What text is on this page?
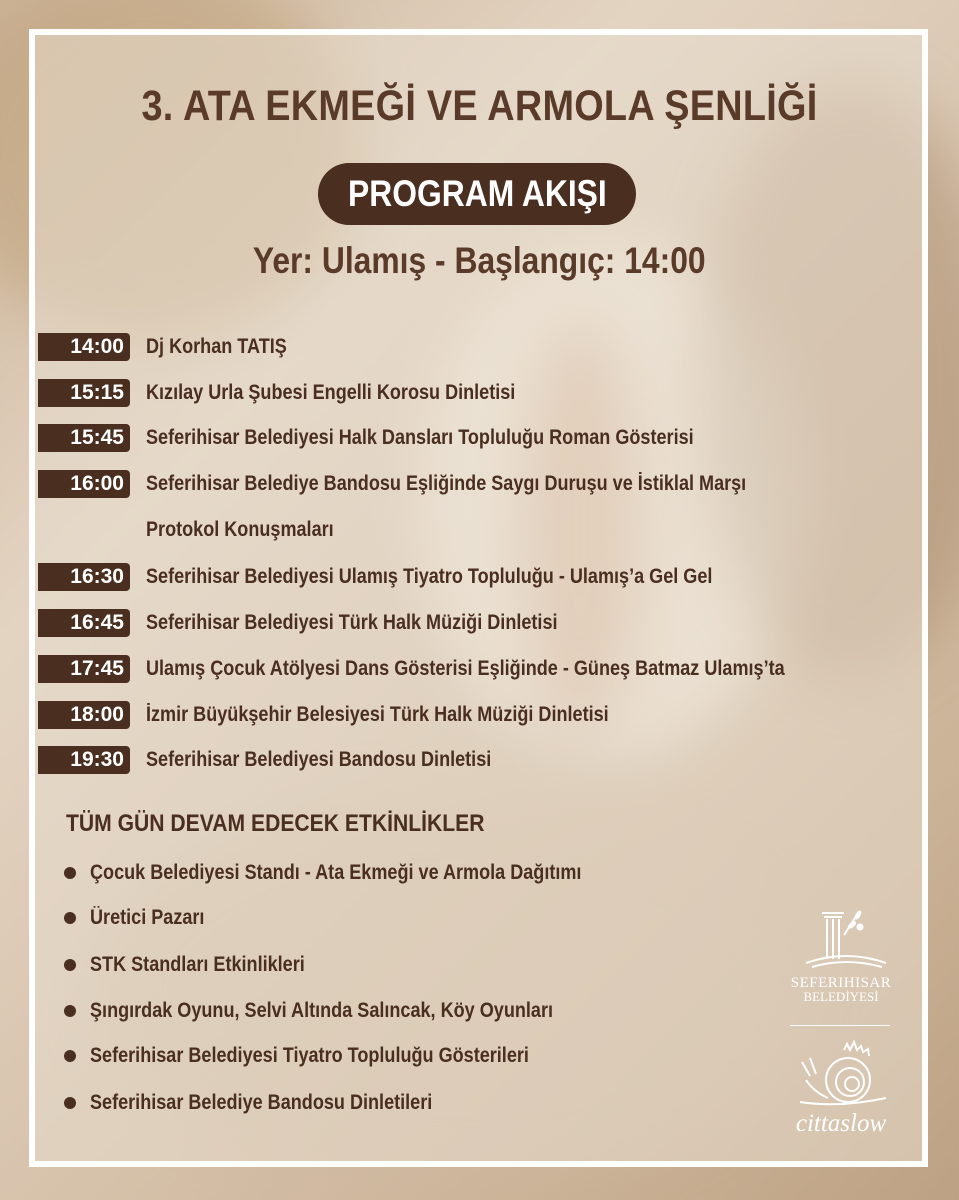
3. ATA EKMEĞİ VE ARMOLA ŞENLİĞİ
PROGRAM AKIŞI
Yer: Ulamış - Başlangıç: 14:00
14:00 Dj Korhan TATIŞ
15:15 Kızılay Urla Şubesi Engelli Korosu Dinletisi
15:45 Seferihisar Belediyesi Halk Dansları Topluluğu Roman Gösterisi
16:00 Seferihisar Belediye Bandosu Eşliğinde Saygı Duruşu ve İstiklal Marşı
Protokol Konuşmaları
16:30 Seferihisar Belediyesi Ulamış Tiyatro Topluluğu - Ulamış’a Gel Gel
16:45 Seferihisar Belediyesi Türk Halk Müziği Dinletisi
17:45 Ulamış Çocuk Atölyesi Dans Gösterisi Eşliğinde - Güneş Batmaz Ulamış’ta
18:00 İzmir Büyükşehir Belesiyesi Türk Halk Müziği Dinletisi
19:30 Seferihisar Belediyesi Bandosu Dinletisi
TÜM GÜN DEVAM EDECEK ETKİNLİKLER
Çocuk Belediyesi Standı - Ata Ekmeği ve Armola Dağıtımı
Üretici Pazarı
STK Standları Etkinlikleri
Şıngırdak Oyunu, Selvi Altında Salıncak, Köy Oyunları
Seferihisar Belediyesi Tiyatro Topluluğu Gösterileri
Seferihisar Belediye Bandosu Dinletileri
SEFERIHISAR
BELEDİYESİ
cittaslow
